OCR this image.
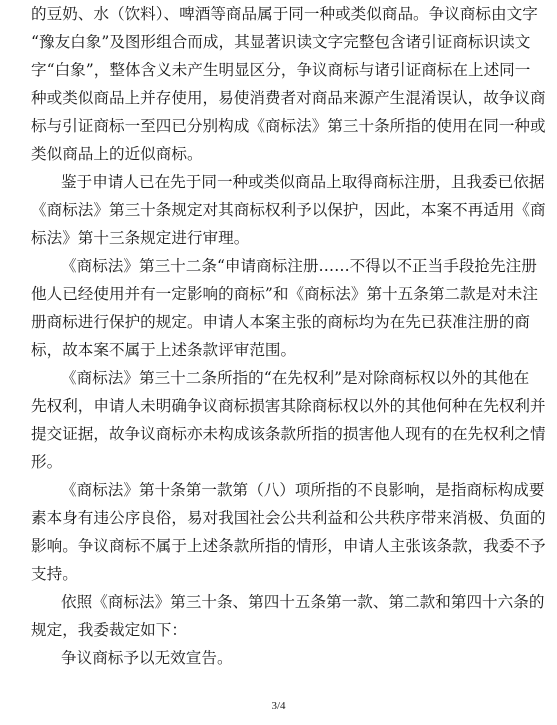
的豆奶、水（饮料）、啤酒等商品属于同一种或类似商品。争议商标由文字
“豫友白象”及图形组合而成，其显著识读文字完整包含诸引证商标识读文
字“白象”，整体含义未产生明显区分，争议商标与诸引证商标在上述同一
种或类似商品上并存使用，易使消费者对商品来源产生混淆误认，故争议商
标与引证商标一至四已分别构成《商标法》第三十条所指的使用在同一种或
类似商品上的近似商标。
鉴于申请人已在先于同一种或类似商品上取得商标注册，且我委已依据
《商标法》第三十条规定对其商标权利予以保护，因此，本案不再适用《商
标法》第十三条规定进行审理。
《商标法》第三十二条“申请商标注册……不得以不正当手段抢先注册
他人已经使用并有一定影响的商标”和《商标法》第十五条第二款是对未注
册商标进行保护的规定。申请人本案主张的商标均为在先已获准注册的商
标，故本案不属于上述条款评审范围。
《商标法》第三十二条所指的“在先权利”是对除商标权以外的其他在
先权利，申请人未明确争议商标损害其除商标权以外的其他何种在先权利并
提交证据，故争议商标亦未构成该条款所指的损害他人现有的在先权利之情
形。
《商标法》第十条第一款第（八）项所指的不良影响，是指商标构成要
素本身有违公序良俗，易对我国社会公共利益和公共秩序带来消极、负面的
影响。争议商标不属于上述条款所指的情形，申请人主张该条款，我委不予
支持。
依照《商标法》第三十条、第四十五条第一款、第二款和第四十六条的
规定，我委裁定如下：
争议商标予以无效宣告。
3/4
